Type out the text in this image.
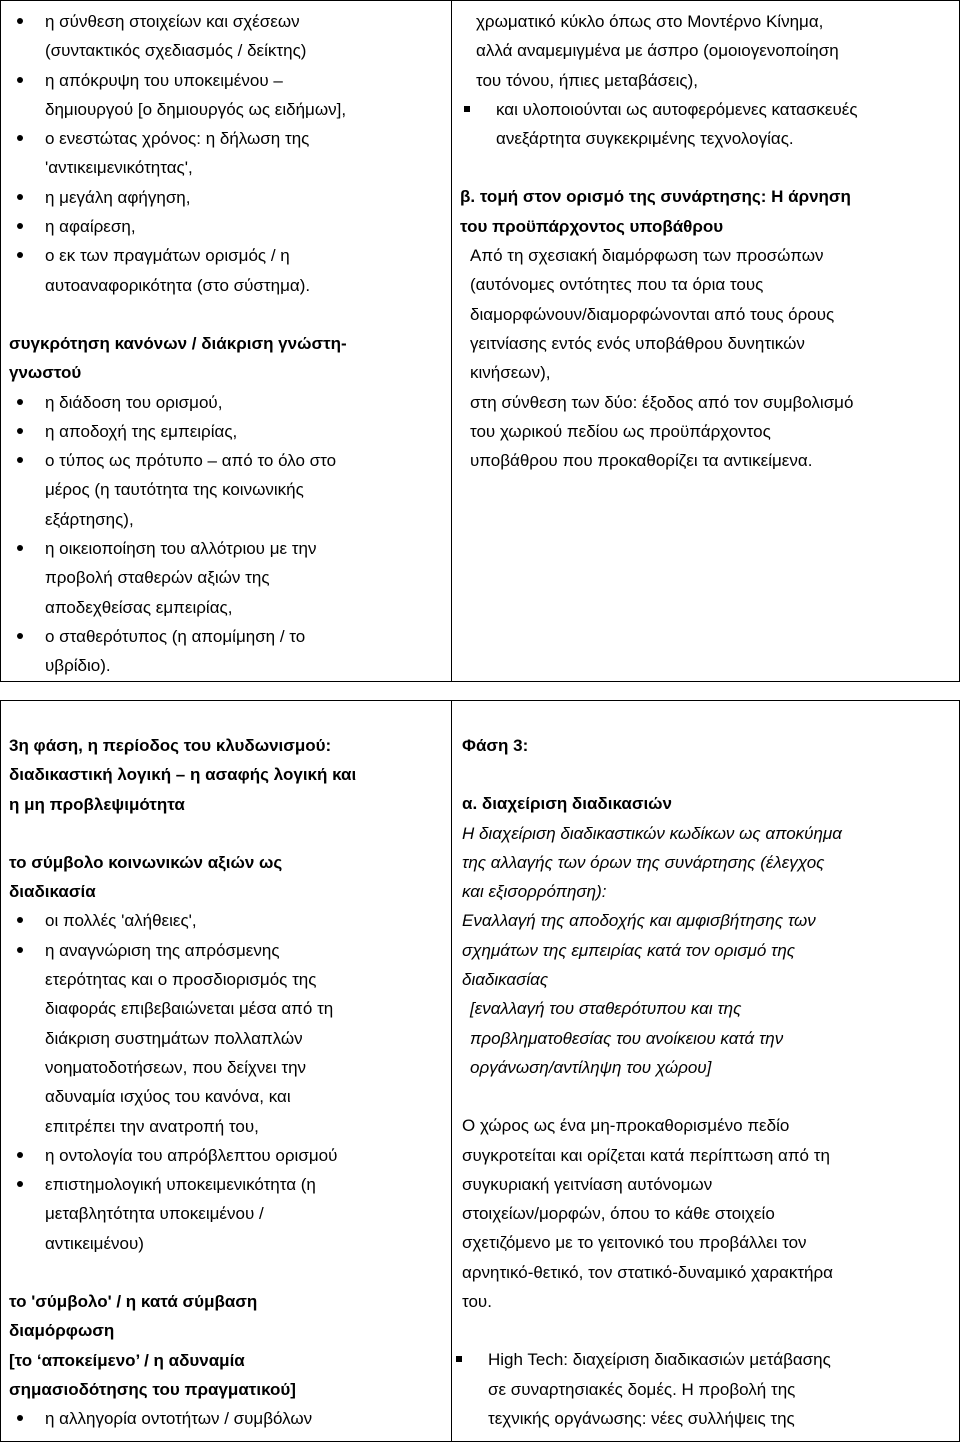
η σύνθεση στοιχείων και σχέσεων
(συντακτικός σχεδιασμός / δείκτης)
η απόκρυψη του υποκειμένου –
δημιουργού [ο δημιουργός ως ειδήμων],
ο ενεστώτας χρόνος: η δήλωση της
'αντικειμενικότητας',
η μεγάλη αφήγηση,
η αφαίρεση,
ο εκ των πραγμάτων ορισμός / η
αυτοαναφορικότητα (στο σύστημα).
συγκρότηση κανόνων / διάκριση γνώστη-
γνωστού
η διάδοση του ορισμού,
η αποδοχή της εμπειρίας,
ο τύπος ως πρότυπο – από το όλο στο
μέρος (η ταυτότητα της κοινωνικής
εξάρτησης),
η οικειοποίηση του αλλότριου με την
προβολή σταθερών αξιών της
αποδεχθείσας εμπειρίας,
ο σταθερότυπος (η απομίμηση / το
υβρίδιο).

χρωματικό κύκλο όπως στο Μοντέρνο Κίνημα,
αλλά αναμεμιγμένα με άσπρο (ομοιογενοποίηση
του τόνου, ήπιες μεταβάσεις),
και υλοποιούνται ως αυτοφερόμενες κατασκευές
ανεξάρτητα συγκεκριμένης τεχνολογίας.
β. τομή στον ορισμό της συνάρτησης: Η άρνηση
του προϋπάρχοντος υποβάθρου
Από τη σχεσιακή διαμόρφωση των προσώπων
(αυτόνομες οντότητες που τα όρια τους
διαμορφώνουν/διαμορφώνονται από τους όρους
γειτνίασης εντός ενός υποβάθρου δυνητικών
κινήσεων),
στη σύνθεση των δύο: έξοδος από τον συμβολισμό
του χωρικού πεδίου ως προϋπάρχοντος
υποβάθρου που προκαθορίζει τα αντικείμενα.
3η φάση, η περίοδος του κλυδωνισμού:
διαδικαστική λογική – η ασαφής λογική και
η μη προβλεψιμότητα
το σύμβολο κοινωνικών αξιών ως
διαδικασία
οι πολλές 'αλήθειες',
η αναγνώριση της απρόσμενης
ετερότητας και ο προσδιορισμός της
διαφοράς επιβεβαιώνεται μέσα από τη
διάκριση συστημάτων πολλαπλών
νοηματοδοτήσεων, που δείχνει την
αδυναμία ισχύος του κανόνα, και
επιτρέπει την ανατροπή του,
η οντολογία του απρόβλεπτου ορισμού
επιστημολογική υποκειμενικότητα (η
μεταβλητότητα υποκειμένου /
αντικειμένου)
το 'σύμβολο' / η κατά σύμβαση
διαμόρφωση
[το ‘αποκείμενο’ / η αδυναμία
σημασιοδότησης του πραγματικού]
η αλληγορία οντοτήτων / συμβόλων

Φάση 3:
α. διαχείριση διαδικασιών
Η διαχείριση διαδικαστικών κωδίκων ως αποκύημα
της αλλαγής των όρων της συνάρτησης (έλεγχος
και εξισορρόπηση):
Εναλλαγή της αποδοχής και αμφισβήτησης των
σχημάτων της εμπειρίας κατά τον ορισμό της
διαδικασίας
[εναλλαγή του σταθερότυπου και της
προβληματοθεσίας του ανοίκειου κατά την
οργάνωση/αντίληψη του χώρου]
Ο χώρος ως ένα μη-προκαθορισμένο πεδίο
συγκροτείται και ορίζεται κατά περίπτωση από τη
συγκυριακή γειτνίαση αυτόνομων
στοιχείων/μορφών, όπου το κάθε στοιχείο
σχετιζόμενο με το γειτονικό του προβάλλει τον
αρνητικό-θετικό, τον στατικό-δυναμικό χαρακτήρα
του.
High Tech: διαχείριση διαδικασιών μετάβασης
σε συναρτησιακές δομές. Η προβολή της
τεχνικής οργάνωσης: νέες συλλήψεις της
